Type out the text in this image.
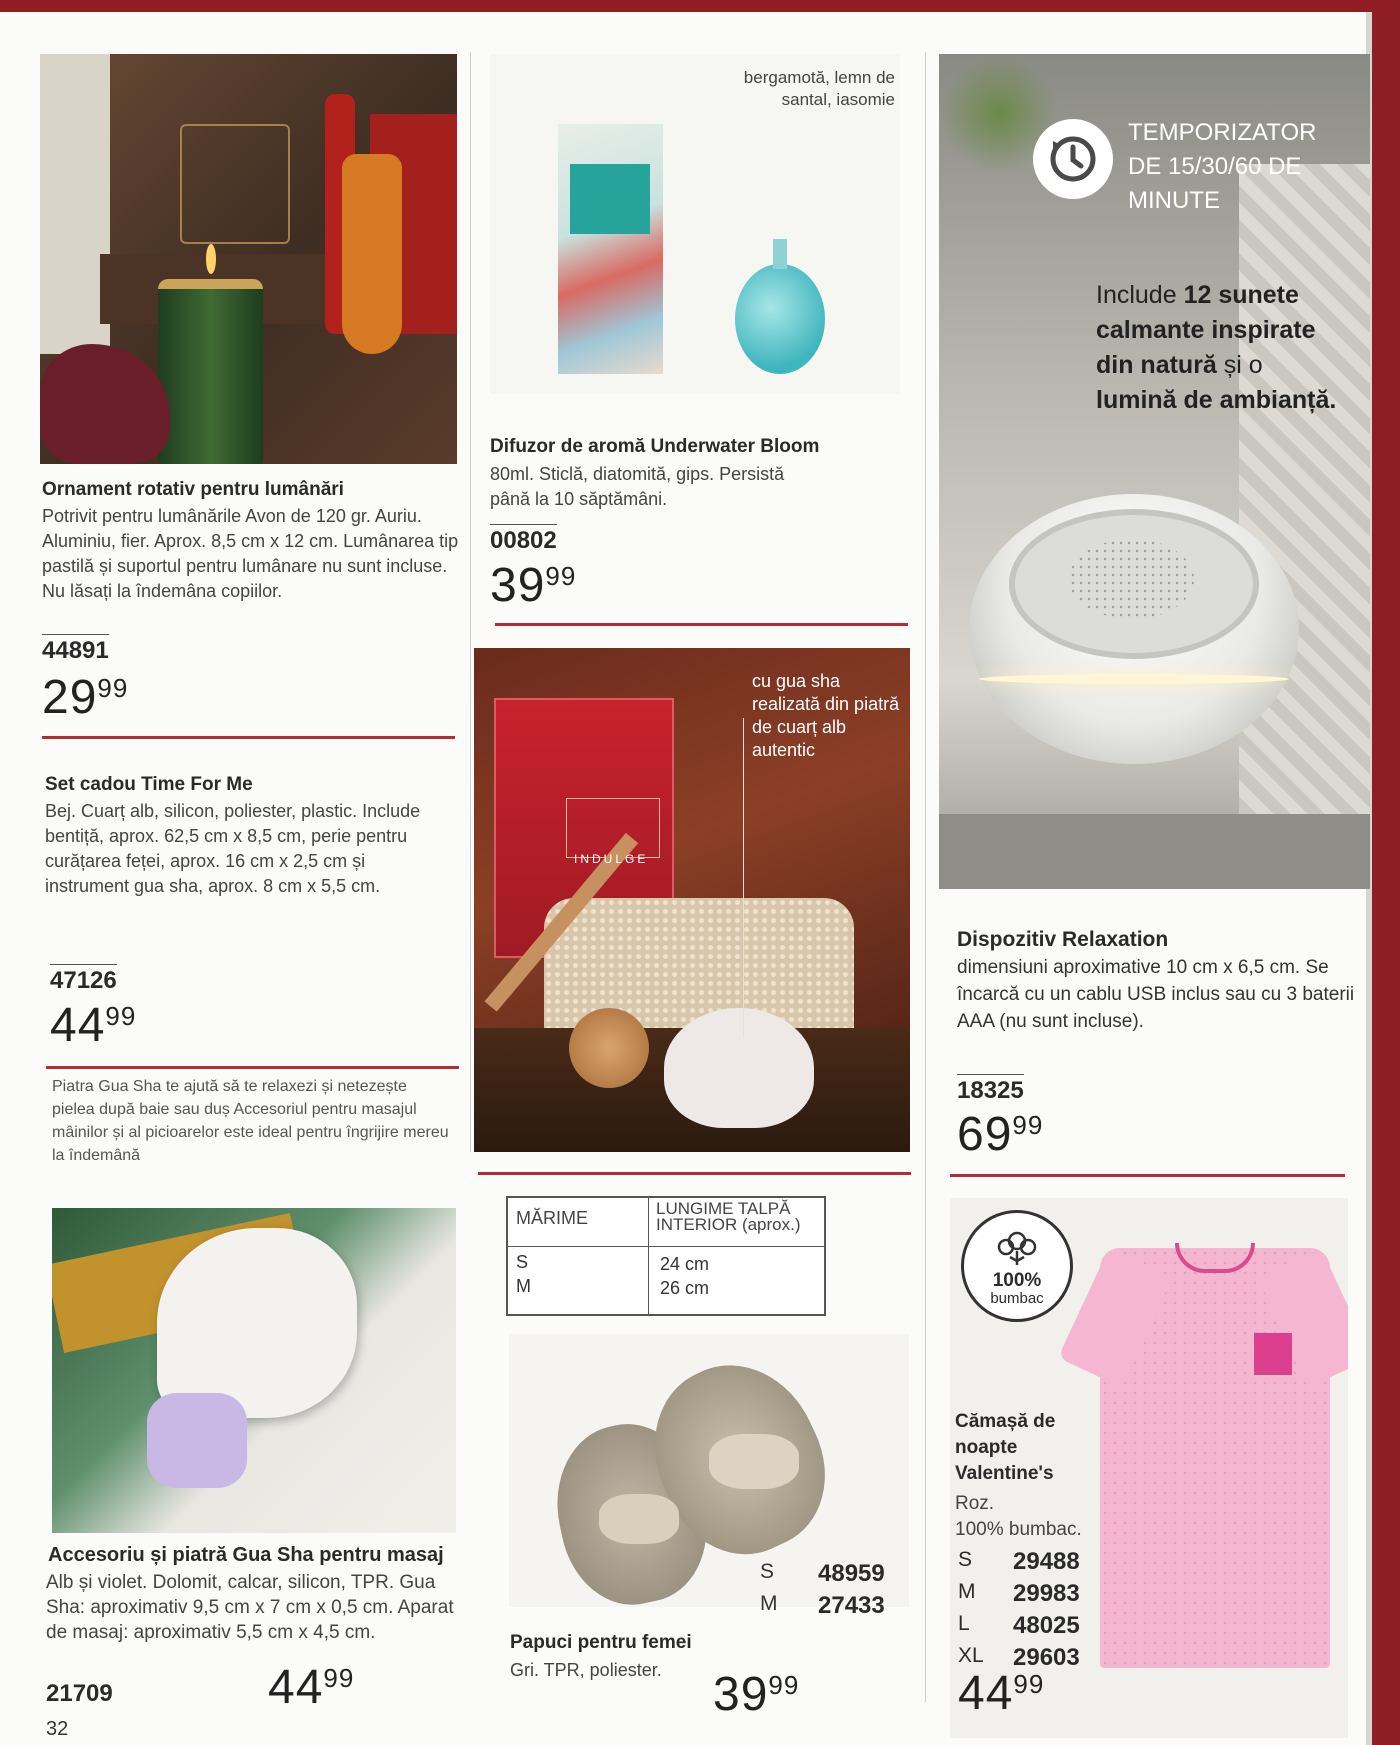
Ornament rotativ pentru lumânări
Potrivit pentru lumânările Avon de 120 gr. Auriu. Aluminiu, fier. Aprox. 8,5 cm x 12 cm. Lumânarea tip pastilă și suportul pentru lumânare nu sunt incluse. Nu lăsați la îndemâna copiilor.
44891
$29^{99}$
bergamotă, lemn de santal, iasomie
Difuzor de aromă Underwater Bloom
80ml. Sticlă, diatomită, gips. Persistă până la 10 săptămâni.
00802
$39^{99}$
TEMPORIZATOR DE 15/30/60 DE MINUTE
Include 12 sunete calmante inspirate din natură și o lumină de ambianță.
Dispozitiv Relaxation
dimensiuni aproximative 10 cm x 6,5 cm. Se încarcă cu un cablu USB inclus sau cu 3 baterii AAA (nu sunt incluse).
18325
$69^{99}$
Set cadou Time For Me
Bej. Cuarț alb, silicon, poliester, plastic. Include bentiță, aprox. 62,5 cm x 8,5 cm, perie pentru curățarea feței, aprox. 16 cm x 2,5 cm și instrument gua sha, aprox. 8 cm x 5,5 cm.
47126
$44^{99}$
cu gua sha realizată din piatră de cuarț alb autentic
INDULGE
Piatra Gua Sha te ajută să te relaxezi și netezește pielea după baie sau duș Accesoriul pentru masajul mâinilor și al picioarelor este ideal pentru îngrijire mereu la îndemână
Accesoriu și piatră Gua Sha pentru masaj
Alb și violet. Dolomit, calcar, silicon, TPR. Gua Sha: aproximativ 9,5 cm x 7 cm x 0,5 cm. Aparat de masaj: aproximativ 5,5 cm x 4,5 cm.
21709	$44^{99}$
32
MĂRIME	LUNGIME TALPĂ INTERIOR (aprox.)
S	24 cm
M	26 cm
S 48959
M 27433
Papuci pentru femei
Gri. TPR, poliester. $39^{99}$
100%
bumbac
Cămașă de noapte Valentine's
Roz.
100% bumbac.
S 29488
M 29983
L 48025
XL 29603
$44^{99}$
